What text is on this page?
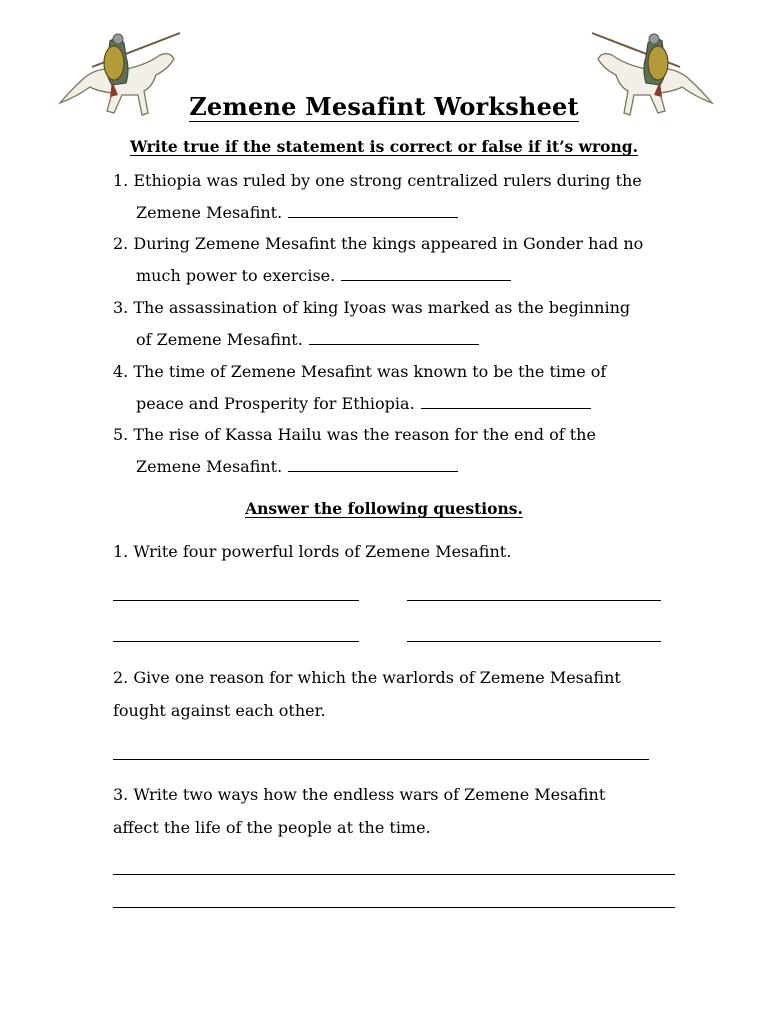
Zemene Mesafint Worksheet
Write true if the statement is correct or false if it’s wrong.
1. Ethiopia was ruled by one strong centralized rulers during the
Zemene Mesafint.
2. During Zemene Mesafint the kings appeared in Gonder had no
much power to exercise.
3. The assassination of king Iyoas was marked as the beginning
of Zemene Mesafint.
4. The time of Zemene Mesafint was known to be the time of
peace and Prosperity for Ethiopia.
5. The rise of Kassa Hailu was the reason for the end of the
Zemene Mesafint.
Answer the following questions.
1. Write four powerful lords of Zemene Mesafint.
2. Give one reason for which the warlords of Zemene Mesafint
fought against each other.
3. Write two ways how the endless wars of Zemene Mesafint
affect the life of the people at the time.
